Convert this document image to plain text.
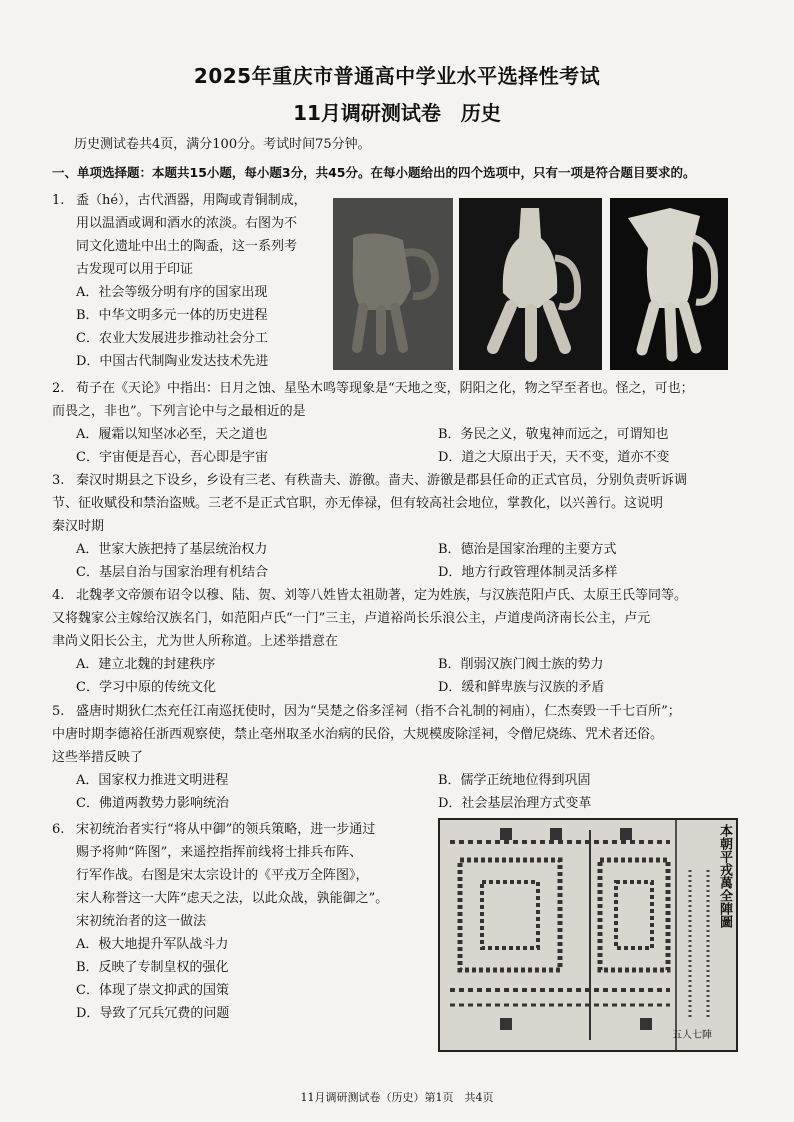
2025年重庆市普通高中学业水平选择性考试
11月调研测试卷　历史
历史测试卷共4页，满分100分。考试时间75分钟。
一、单项选择题：本题共15小题，每小题3分，共45分。在每小题给出的四个选项中，只有一项是符合题目要求的。
1. 盉（hé），古代酒器，用陶或青铜制成，
用以温酒或调和酒水的浓淡。右图为不
同文化遗址中出土的陶盉，这一系列考
古发现可以用于印证
A．社会等级分明有序的国家出现
B．中华文明多元一体的历史进程
C．农业大发展进步推动社会分工
D．中国古代制陶业发达技术先进
2. 荀子在《天论》中指出：日月之蚀、星坠木鸣等现象是“天地之变，阴阳之化，物之罕至者也。怪之，可也；
而畏之，非也”。下列言论中与之最相近的是
A．履霜以知坚冰必至，天之道也	B．务民之义，敬鬼神而远之，可谓知也
C．宇宙便是吾心，吾心即是宇宙	D．道之大原出于天，天不变，道亦不变
3. 秦汉时期县之下设乡，乡设有三老、有秩啬夫、游徼。啬夫、游徼是郡县任命的正式官员，分别负责听诉调
节、征收赋役和禁治盗贼。三老不是正式官职，亦无俸禄，但有较高社会地位，掌教化，以兴善行。这说明
秦汉时期
A．世家大族把持了基层统治权力	B．德治是国家治理的主要方式
C．基层自治与国家治理有机结合	D．地方行政管理体制灵活多样
4. 北魏孝文帝颁布诏令以穆、陆、贺、刘等八姓皆太祖勋著，定为姓族，与汉族范阳卢氏、太原王氏等同等。
又将魏家公主嫁给汉族名门，如范阳卢氏“一门”三主，卢道裕尚长乐浪公主，卢道虔尚济南长公主，卢元
聿尚义阳长公主，尤为世人所称道。上述举措意在
A．建立北魏的封建秩序	B．削弱汉族门阀士族的势力
C．学习中原的传统文化	D．缓和鲜卑族与汉族的矛盾
5. 盛唐时期狄仁杰充任江南巡抚使时，因为“吴楚之俗多淫祠（指不合礼制的祠庙），仁杰奏毁一千七百所”；
中唐时期李德裕任浙西观察使，禁止亳州取圣水治病的民俗，大规模废除淫祠，令僧尼烧练、咒术者还俗。
这些举措反映了
A．国家权力推进文明进程	B．儒学正统地位得到巩固
C．佛道两教势力影响统治	D．社会基层治理方式变革
6. 宋初统治者实行“将从中御”的领兵策略，进一步通过
赐予将帅“阵图”，来遥控指挥前线将士排兵布阵、
行军作战。右图是宋太宗设计的《平戎万全阵图》，
宋人称誉这一大阵“虑天之法，以此众战，孰能御之”。
宋初统治者的这一做法
A．极大地提升军队战斗力
B．反映了专制皇权的强化
C．体现了崇文抑武的国策
D．导致了冗兵冗费的问题
本朝平戎萬全陣圖
五人七陣
11月调研测试卷（历史）第1页　共4页
